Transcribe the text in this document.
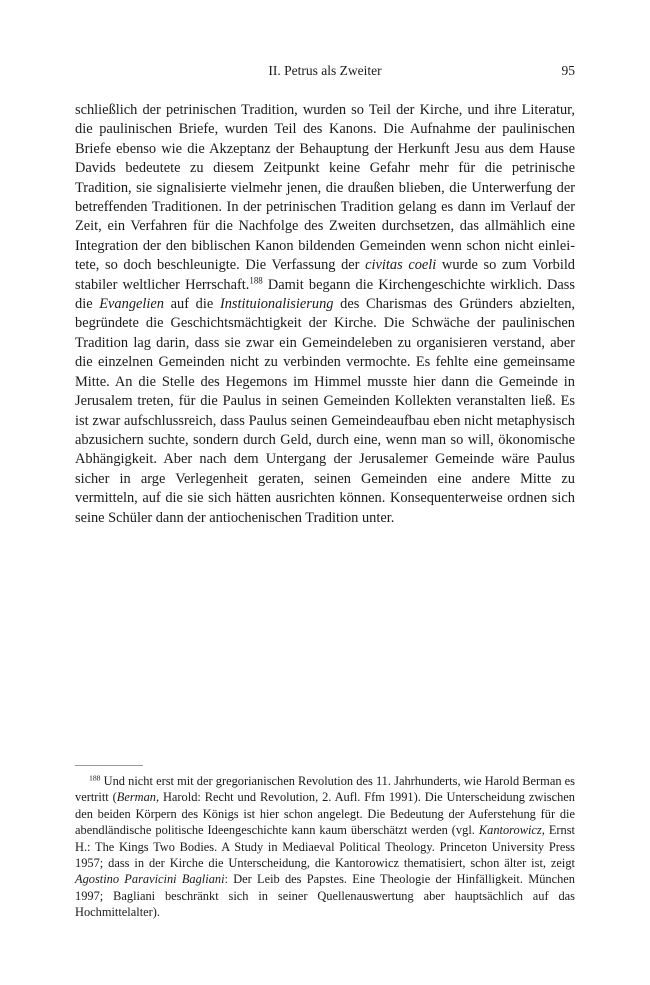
II. Petrus als Zweiter	95

schließlich der petrinischen Tradition, wurden so Teil der Kirche, und ihre Literatur, die paulinischen Briefe, wurden Teil des Kanons. Die Aufnahme der paulinischen Briefe ebenso wie die Akzeptanz der Behauptung der Herkunft Jesu aus dem Hause Davids bedeutete zu diesem Zeitpunkt keine Gefahr mehr für die petrinische Tradition, sie signalisierte vielmehr jenen, die draußen blieben, die Unterwerfung der betreffenden Traditionen. In der petrinischen Tradition gelang es dann im Verlauf der Zeit, ein Verfahren für die Nachfolge des Zweiten durchsetzen, das allmählich eine Integration der den biblischen Kanon bildenden Gemeinden wenn schon nicht einleitete, so doch beschleunigte. Die Verfassung der civitas coeli wurde so zum Vorbild stabiler weltlicher Herrschaft.$^{188}$ Damit begann die Kirchengeschichte wirklich. Dass die Evangelien auf die Instituionalisierung des Charismas des Gründers abzielten, begründete die Geschichtsmächtigkeit der Kirche. Die Schwäche der paulinischen Tradition lag darin, dass sie zwar ein Gemeindeleben zu organisieren verstand, aber die einzelnen Gemeinden nicht zu verbinden vermochte. Es fehlte eine gemeinsame Mitte. An die Stelle des Hegemons im Himmel musste hier dann die Gemeinde in Jerusalem treten, für die Paulus in seinen Gemeinden Kollekten veranstalten ließ. Es ist zwar aufschlussreich, dass Paulus seinen Gemeindeaufbau eben nicht metaphysisch abzusichern suchte, sondern durch Geld, durch eine, wenn man so will, ökonomische Abhängigkeit. Aber nach dem Untergang der Jerusalemer Gemeinde wäre Paulus sicher in arge Verlegenheit geraten, seinen Gemeinden eine andere Mitte zu vermitteln, auf die sie sich hätten ausrichten können. Konsequenterweise ordnen sich seine Schüler dann der antiochenischen Tradition unter.

$^{188}$ Und nicht erst mit der gregorianischen Revolution des 11. Jahrhunderts, wie Harold Berman es vertritt (Berman, Harold: Recht und Revolution, 2. Aufl. Ffm 1991). Die Unterscheidung zwischen den beiden Körpern des Königs ist hier schon angelegt. Die Bedeutung der Auferstehung für die abendländische politische Ideengeschichte kann kaum überschätzt werden (vgl. Kantorowicz, Ernst H.: The Kings Two Bodies. A Study in Mediaeval Political Theology. Princeton University Press 1957; dass in der Kirche die Unterscheidung, die Kantorowicz thematisiert, schon älter ist, zeigt Agostino Paravicini Bagliani: Der Leib des Papstes. Eine Theologie der Hinfälligkeit. München 1997; Bagliani beschränkt sich in seiner Quellenauswertung aber hauptsächlich auf das Hochmittelalter).
